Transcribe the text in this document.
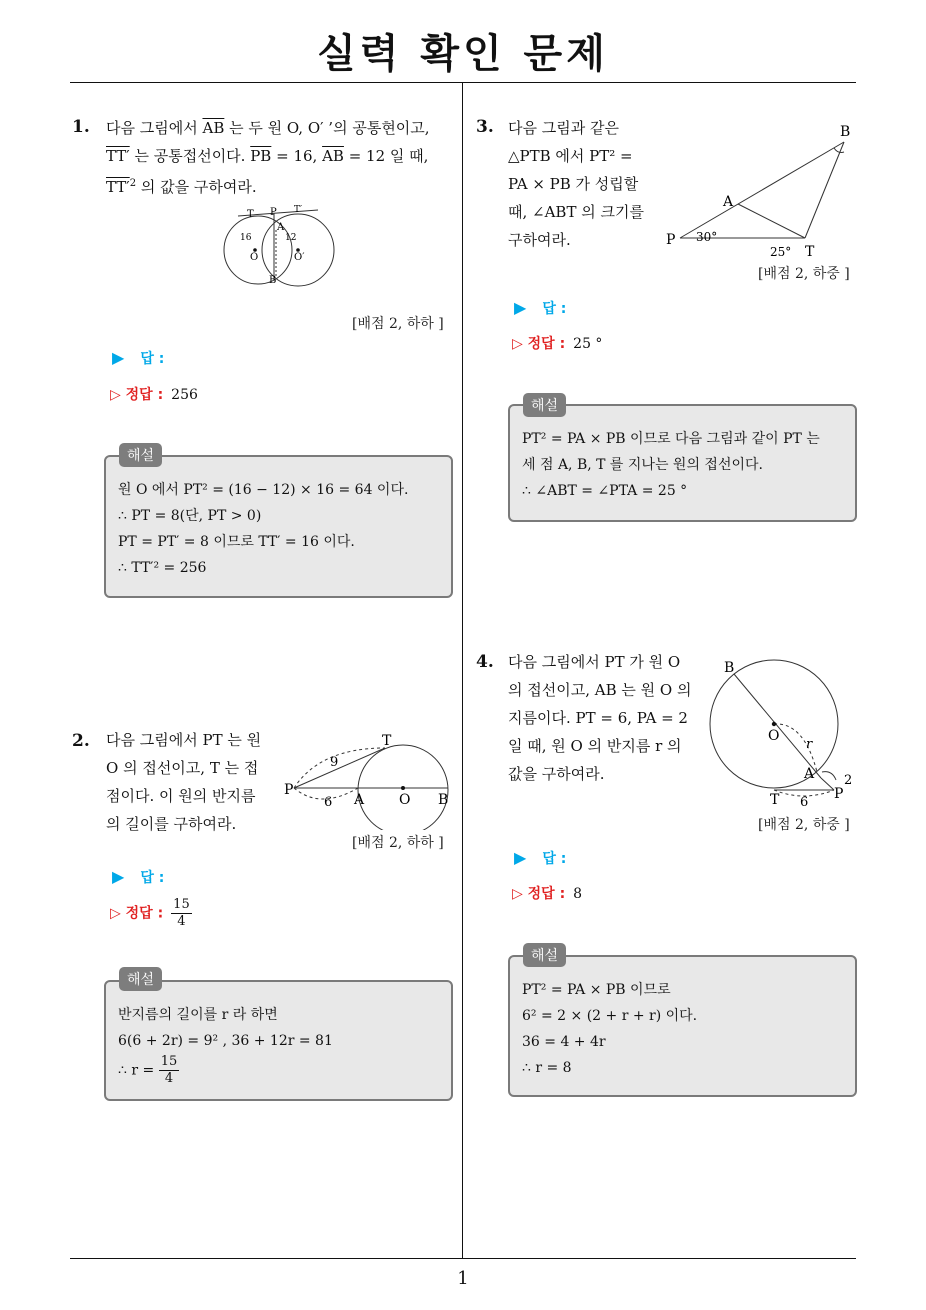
실력 확인 문제
1
1. 다음 그림에서 $\overline{AB}$ 는 두 원 O, O′ ’의 공통현이고,
TT′ 는 공통접선이다. $\overline{PB} = 16$, $\overline{AB} = 12$ 일 때,
$TT'^2$ 의 값을 구하여라.
T P T′
A
B
O	O′
16	12
[배점 2, 하하 ]
▶ 답 :
▷ 정답 : 256
원 O 에서 PT² = (16 − 12) × 16 = 64 이다.
∴ PT = 8(단, PT > 0)
PT = PT′ = 8 이므로 TT′ = 16 이다.
∴ TT′² = 256
해설
2. 다음 그림에서 PT 는 원
O 의 접선이고, T 는 접
점이다. 이 원의 반지름
의 길이를 구하여라.
T
P
A O B
9
6
[배점 2, 하하 ]
▶ 답 :
▷ 정답 : $\frac{15}{4}$
반지름의 길이를 r 라 하면
6(6 + 2r) = 9² , 36 + 12r = 81
∴ $r = \frac{15}{4}$
해설
3. 다음 그림과 같은
△PTB 에서 PT² =
PA × PB 가 성립할
때, ∠ABT 의 크기를
구하여라.
B
A
P
T
30°
25°
[배점 2, 하중 ]
▶ 답 :
▷ 정답 : 25 °
PT² = PA × PB 이므로 다음 그림과 같이 PT 는
세 점 A, B, T 를 지나는 원의 접선이다.
∴ ∠ABT = ∠PTA = 25 °
해설
4. 다음 그림에서 PT 가 원 O
의 접선이고, AB 는 원 O 의
지름이다. PT = 6, PA = 2
일 때, 원 O 의 반지름 r 의
값을 구하여라.
B
O
r
A 2
T 6
P
[배점 2, 하중 ]
▶ 답 :
▷ 정답 : 8
PT² = PA × PB 이므로
6² = 2 × (2 + r + r) 이다.
36 = 4 + 4r
∴ r = 8
해설
